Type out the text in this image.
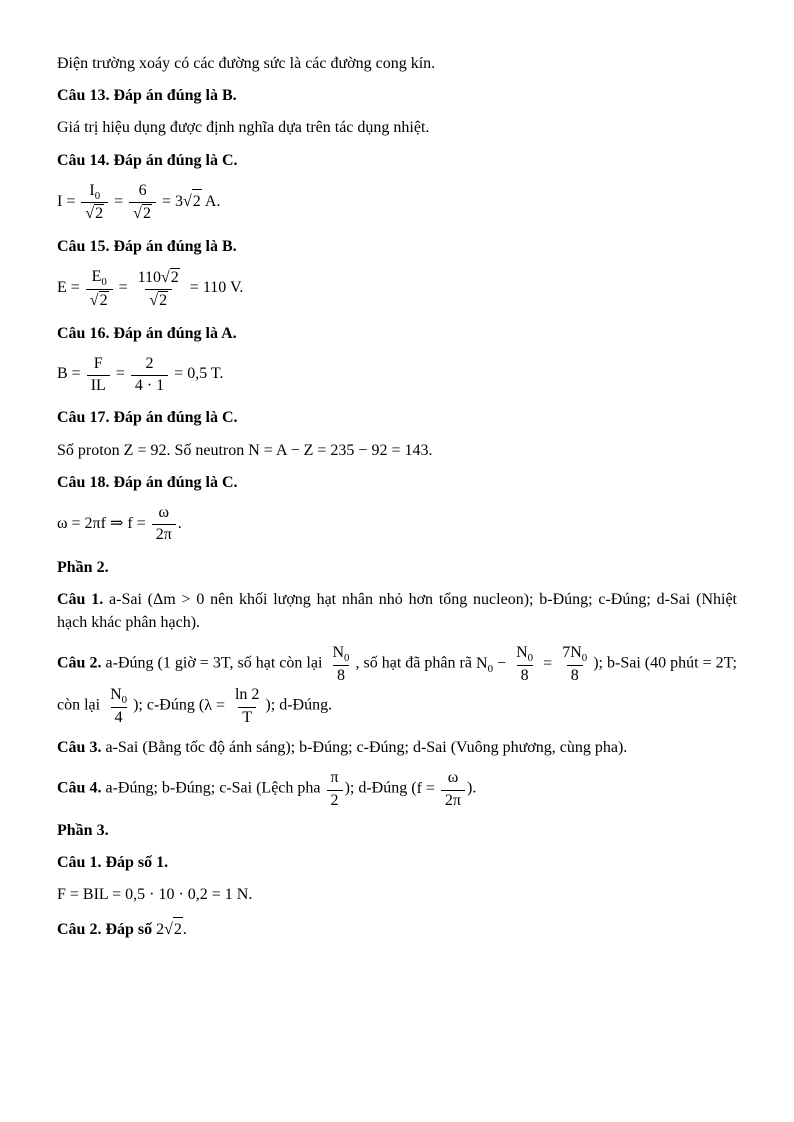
Điện trường xoáy có các đường sức là các đường cong kín.

Câu 13. Đáp án đúng là B.

Giá trị hiệu dụng được định nghĩa dựa trên tác dụng nhiệt.

Câu 14. Đáp án đúng là C.

$I = \frac{I_0}{√2} = \frac{6}{√2} = 3√2$ A.

Câu 15. Đáp án đúng là B.

$E = \frac{E_0}{√2} = \frac{110√2}{√2} = 110$ V.

Câu 16. Đáp án đúng là A.

$B = \frac{F}{IL} = \frac{2}{4 \cdot 1} = 0,5$ T.

Câu 17. Đáp án đúng là C.

Số proton Z = 92. Số neutron N = A − Z = 235 − 92 = 143.

Câu 18. Đáp án đúng là C.

ω = 2πf ⇒ $f = \frac{\omega}{2\pi}$ .

Phần 2.

Câu 1. a-Sai (Δm > 0 nên khối lượng hạt nhân nhỏ hơn tổng nucleon); b-Đúng; c-Đúng; d-Sai (Nhiệt hạch khác phân hạch).

Câu 2. a-Đúng (1 giờ = 3T, số hạt còn lại $\frac{N_0}{8}$ , số hạt đã phân rã $N_0 - \frac{N_0}{8} = \frac{7N_0}{8}$ ); b-Sai (40 phút = 2T; còn lại $\frac{N_0}{4}$ ); c-Đúng ($\lambda = \frac{\ln 2}{T}$ ); d-Đúng.

Câu 3. a-Sai (Bằng tốc độ ánh sáng); b-Đúng; c-Đúng; d-Sai (Vuông phương, cùng pha).

Câu 4. a-Đúng; b-Đúng; c-Sai (Lệch pha $\frac{\pi}{2}$ ); d-Đúng ($f = \frac{\omega}{2\pi}$ ).

Phần 3.

Câu 1. Đáp số 1.

F = BIL = 0,5 · 10 · 0,2 = 1 N.

Câu 2. Đáp số 2√2.
